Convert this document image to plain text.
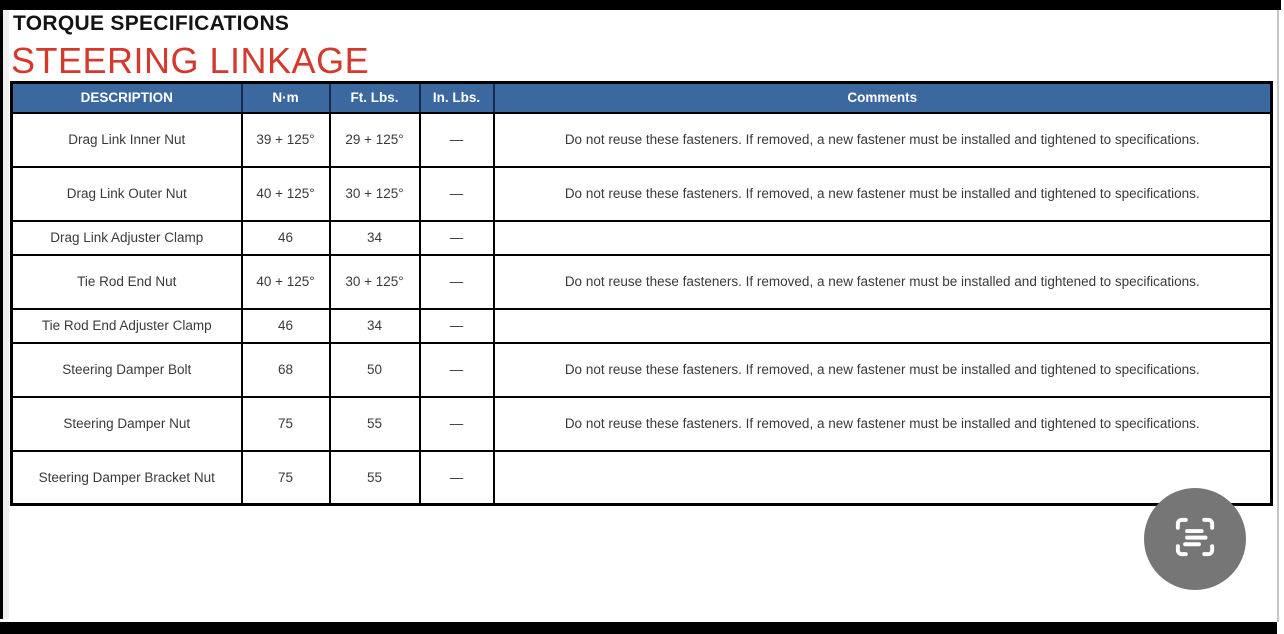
TORQUE SPECIFICATIONS
STEERING LINKAGE
DESCRIPTION	N·m	Ft. Lbs.	In. Lbs.	Comments

Drag Link Inner Nut	39 + 125°	29 + 125°	—	Do not reuse these fasteners. If removed, a new fastener must be installed and tightened to specifications.

Drag Link Outer Nut	40 + 125°	30 + 125°	—	Do not reuse these fasteners. If removed, a new fastener must be installed and tightened to specifications.

Drag Link Adjuster Clamp	46	34	—	

Tie Rod End Nut	40 + 125°	30 + 125°	—	Do not reuse these fasteners. If removed, a new fastener must be installed and tightened to specifications.

Tie Rod End Adjuster Clamp	46	34	—	

Steering Damper Bolt	68	50	—	Do not reuse these fasteners. If removed, a new fastener must be installed and tightened to specifications.

Steering Damper Nut	75	55	—	Do not reuse these fasteners. If removed, a new fastener must be installed and tightened to specifications.

Steering Damper Bracket Nut	75	55	—	
